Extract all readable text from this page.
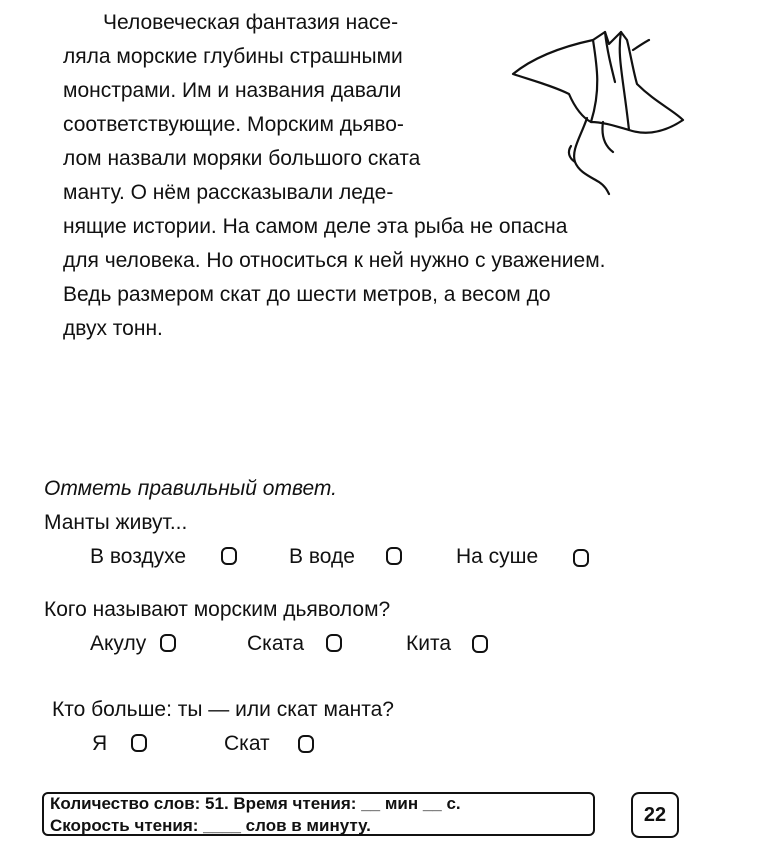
Человеческая фантазия насе-
ляла морские глубины страшными
монстрами. Им и названия давали
соответствующие. Морским дьяво-
лом назвали моряки большого ската
манту. О нём рассказывали леде-
нящие истории. На самом деле эта рыба не опасна
для человека. Но относиться к ней нужно с уважением.
Ведь размером скат до шести метров, а весом до
двух тонн.
Отметь правильный ответ.
Манты живут...
В воздухе	В воде	На суше
Кого называют морским дьяволом?
Акулу	Ската	Кита
Кто больше: ты — или скат манта?
Я	Скат
Количество слов: 51. Время чтения: __ мин __ с.
Скорость чтения: ____ слов в минуту.	22
